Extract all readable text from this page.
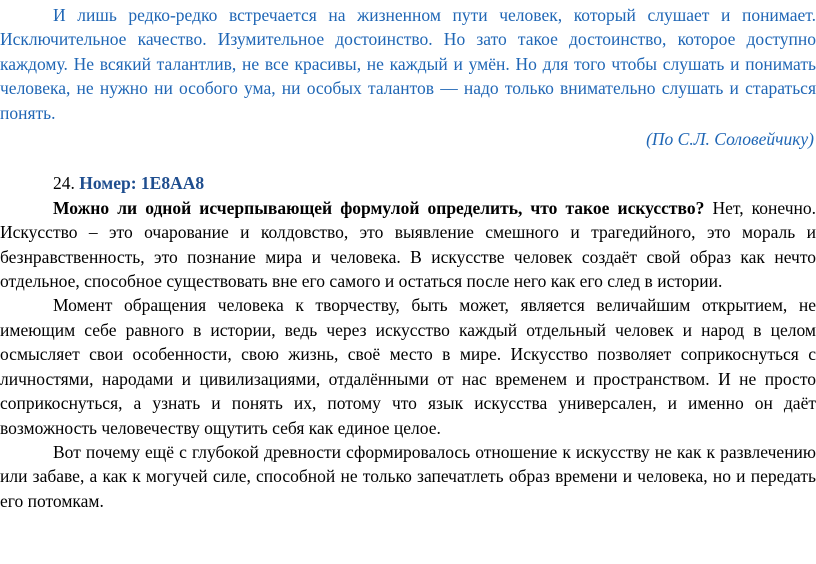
И лишь редко-редко встречается на жизненном пути человек, который слушает и понимает. Исключительное качество. Изумительное достоинство. Но зато такое достоинство, которое доступно каждому. Не всякий талантлив, не все красивы, не каждый и умён. Но для того чтобы слушать и понимать человека, не нужно ни особого ума, ни особых талантов — надо только внимательно слушать и стараться понять.

(По С.Л. Соловейчику)

24. Номер: 1E8AA8

Можно ли одной исчерпывающей формулой определить, что такое искусство? Нет, конечно. Искусство – это очарование и колдовство, это выявление смешного и трагедийного, это мораль и безнравственность, это познание мира и человека. В искусстве человек создаёт свой образ как нечто отдельное, способное существовать вне его самого и остаться после него как его след в истории.

Момент обращения человека к творчеству, быть может, является величайшим открытием, не имеющим себе равного в истории, ведь через искусство каждый отдельный человек и народ в целом осмысляет свои особенности, свою жизнь, своё место в мире. Искусство позволяет соприкоснуться с личностями, народами и цивилизациями, отдалёнными от нас временем и пространством. И не просто соприкоснуться, а узнать и понять их, потому что язык искусства универсален, и именно он даёт возможность человечеству ощутить себя как единое целое.

Вот почему ещё с глубокой древности сформировалось отношение к искусству не как к развлечению или забаве, а как к могучей силе, способной не только запечатлеть образ времени и человека, но и передать его потомкам.
